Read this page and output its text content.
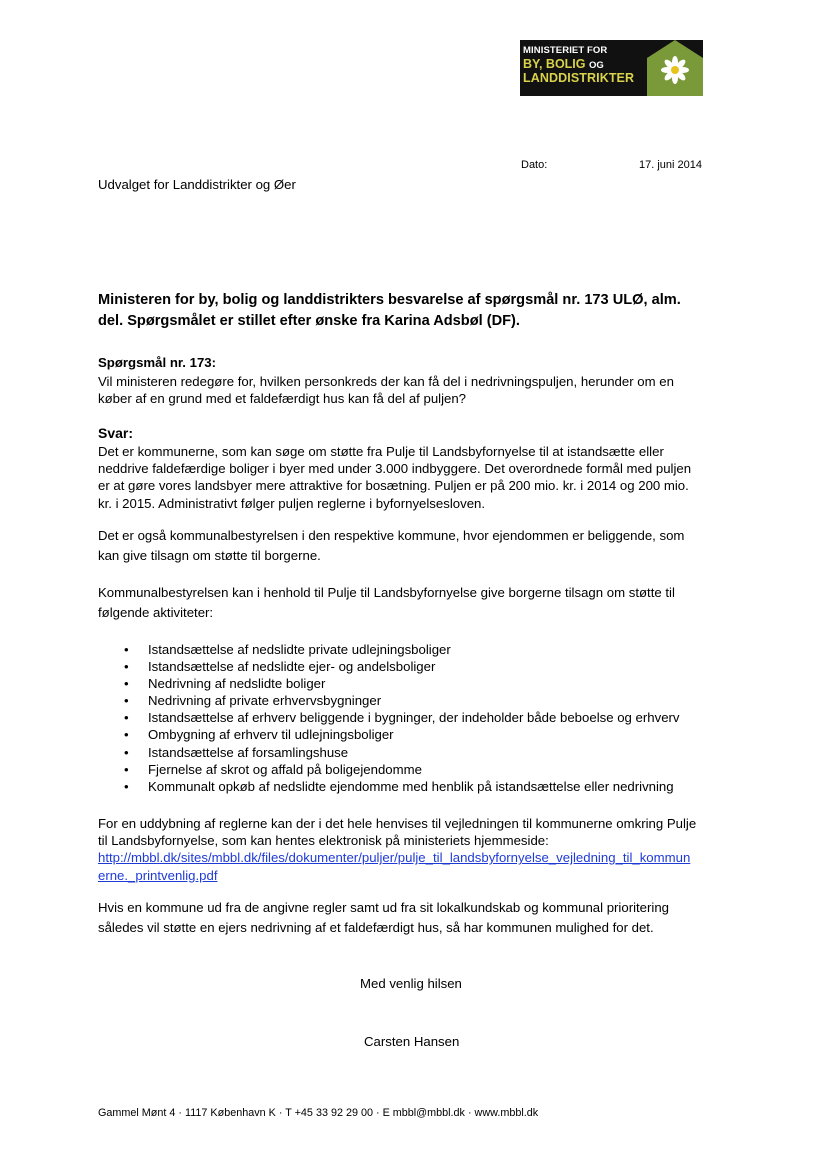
MINISTERIET FOR
BY, BOLIG OG
LANDDISTRIKTER
Dato:	17. juni 2014
Udvalget for Landdistrikter og Øer
Ministeren for by, bolig og landdistrikters besvarelse af spørgsmål nr. 173 ULØ, alm.
del. Spørgsmålet er stillet efter ønske fra Karina Adsbøl (DF).
Spørgsmål nr. 173:
Vil ministeren redegøre for, hvilken personkreds der kan få del i nedrivningspuljen, herunder om en
køber af en grund med et faldefærdigt hus kan få del af puljen?
Svar:
Det er kommunerne, som kan søge om støtte fra Pulje til Landsbyfornyelse til at istandsætte eller
neddrive faldefærdige boliger i byer med under 3.000 indbyggere. Det overordnede formål med puljen
er at gøre vores landsbyer mere attraktive for bosætning. Puljen er på 200 mio. kr. i 2014 og 200 mio.
kr. i 2015. Administrativt følger puljen reglerne i byfornyelsesloven.
Det er også kommunalbestyrelsen i den respektive kommune, hvor ejendommen er beliggende, som
kan give tilsagn om støtte til borgerne.
Kommunalbestyrelsen kan i henhold til Pulje til Landsbyfornyelse give borgerne tilsagn om støtte til
følgende aktiviteter:
• Istandsættelse af nedslidte private udlejningsboliger
• Istandsættelse af nedslidte ejer- og andelsboliger
• Nedrivning af nedslidte boliger
• Nedrivning af private erhvervsbygninger
• Istandsættelse af erhverv beliggende i bygninger, der indeholder både beboelse og erhverv
• Ombygning af erhverv til udlejningsboliger
• Istandsættelse af forsamlingshuse
• Fjernelse af skrot og affald på boligejendomme
• Kommunalt opkøb af nedslidte ejendomme med henblik på istandsættelse eller nedrivning
For en uddybning af reglerne kan der i det hele henvises til vejledningen til kommunerne omkring Pulje
til Landsbyfornyelse, som kan hentes elektronisk på ministeriets hjemmeside:
http://mbbl.dk/sites/mbbl.dk/files/dokumenter/puljer/pulje_til_landsbyfornyelse_vejledning_til_kommun
erne._printvenlig.pdf
Hvis en kommune ud fra de angivne regler samt ud fra sit lokalkundskab og kommunal prioritering
således vil støtte en ejers nedrivning af et faldefærdigt hus, så har kommunen mulighed for det.
Med venlig hilsen
Carsten Hansen
Gammel Mønt 4 · 1117 København K · T +45 33 92 29 00 · E mbbl@mbbl.dk · www.mbbl.dk
